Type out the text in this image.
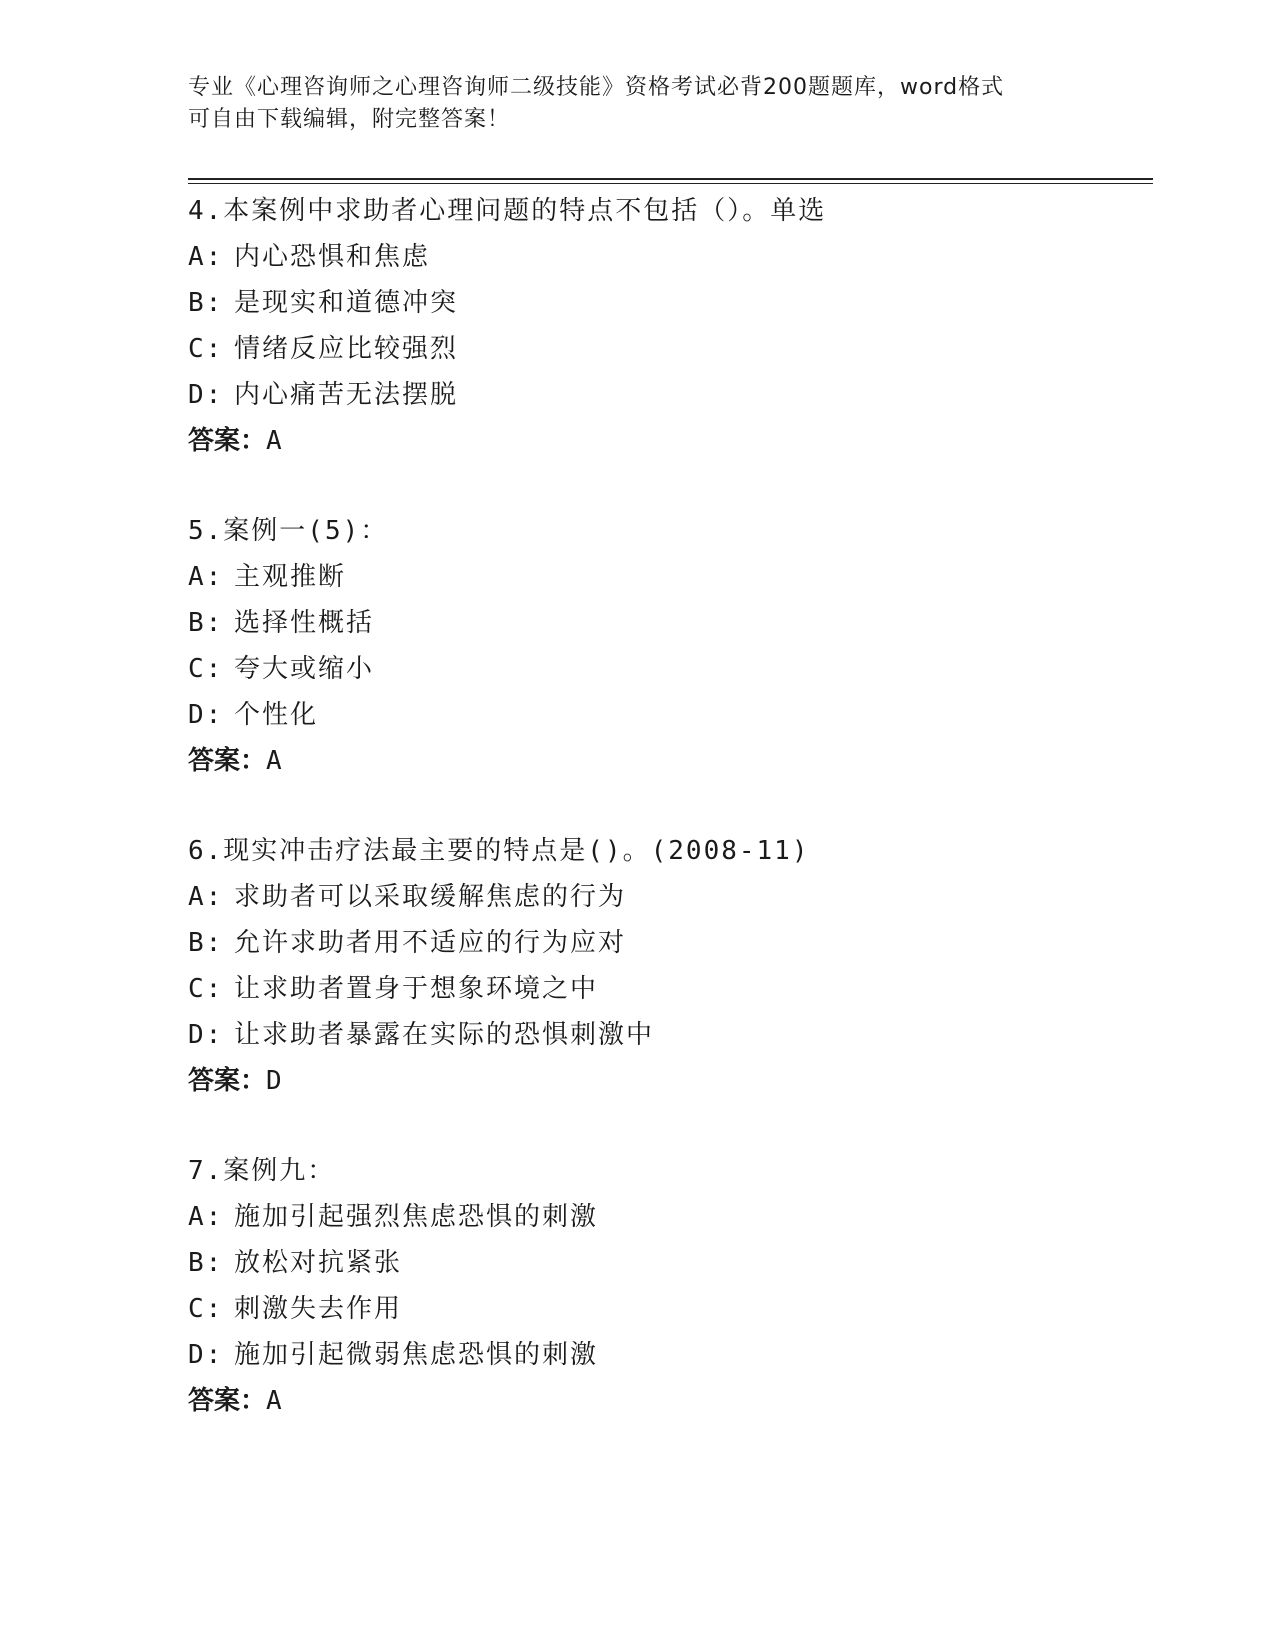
专业《心理咨询师之心理咨询师二级技能》资格考试必背200题题库，word格式
可自由下载编辑，附完整答案！
4.本案例中求助者心理问题的特点不包括（）。单选
A: 内心恐惧和焦虑
B: 是现实和道德冲突
C: 情绪反应比较强烈
D: 内心痛苦无法摆脱
答案：A
5.案例一(5)：
A: 主观推断
B: 选择性概括
C: 夸大或缩小
D: 个性化
答案：A
6.现实冲击疗法最主要的特点是()。(2008-11)
A: 求助者可以采取缓解焦虑的行为
B: 允许求助者用不适应的行为应对
C: 让求助者置身于想象环境之中
D: 让求助者暴露在实际的恐惧刺激中
答案：D
7.案例九：
A: 施加引起强烈焦虑恐惧的刺激
B: 放松对抗紧张
C: 刺激失去作用
D: 施加引起微弱焦虑恐惧的刺激
答案：A
